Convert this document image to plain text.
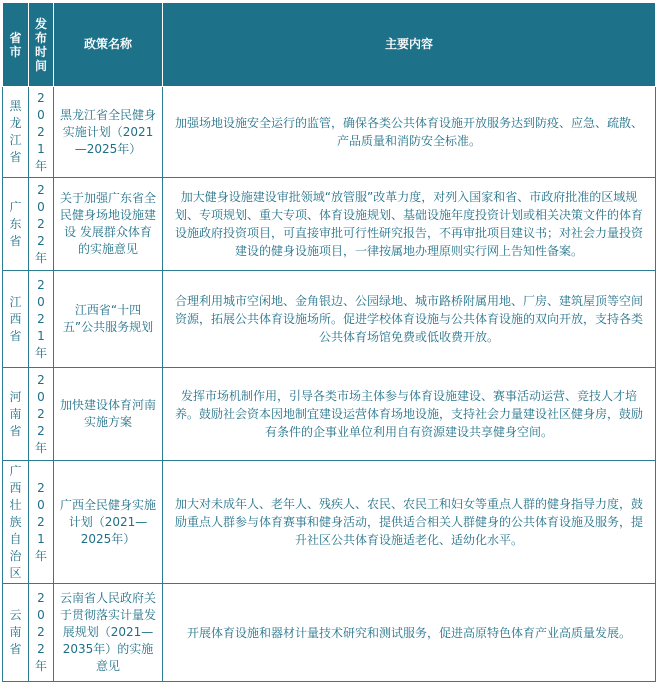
省市	发布时间	政策名称	主要内容

黑龙江省	2021年	黑龙江省全民健身实施计划（2021—2025年）	加强场地设施安全运行的监管，确保各类公共体育设施开放服务达到防疫、应急、疏散、产品质量和消防安全标准。

广东省	2022年	关于加强广东省全民健身场地设施建设 发展群众体育的实施意见	加大健身设施建设审批领域“放管服”改革力度，对列入国家和省、市政府批准的区域规划、专项规划、重大专项、体育设施规划、基础设施年度投资计划或相关决策文件的体育设施政府投资项目，可直接审批可行性研究报告，不再审批项目建议书；对社会力量投资建设的健身设施项目，一律按属地办理原则实行网上告知性备案。

江西省	2021年	江西省“十四五”公共服务规划	合理利用城市空闲地、金角银边、公园绿地、城市路桥附属用地、厂房、建筑屋顶等空间资源，拓展公共体育设施场所。促进学校体育设施与公共体育设施的双向开放，支持各类公共体育场馆免费或低收费开放。

河南省	2022年	加快建设体育河南实施方案	发挥市场机制作用，引导各类市场主体参与体育设施建设、赛事活动运营、竞技人才培养。鼓励社会资本因地制宜建设运营体育场地设施，支持社会力量建设社区健身房，鼓励有条件的企事业单位利用自有资源建设共享健身空间。

广西壮族自治区	2021年	广西全民健身实施计划（2021—2025年）	加大对未成年人、老年人、残疾人、农民、农民工和妇女等重点人群的健身指导力度，鼓励重点人群参与体育赛事和健身活动，提供适合相关人群健身的公共体育设施及服务，提升社区公共体育设施适老化、适幼化水平。

云南省	2022年	云南省人民政府关于贯彻落实计量发展规划（2021—2035年）的实施意见	开展体育设施和器材计量技术研究和测试服务，促进高原特色体育产业高质量发展。
